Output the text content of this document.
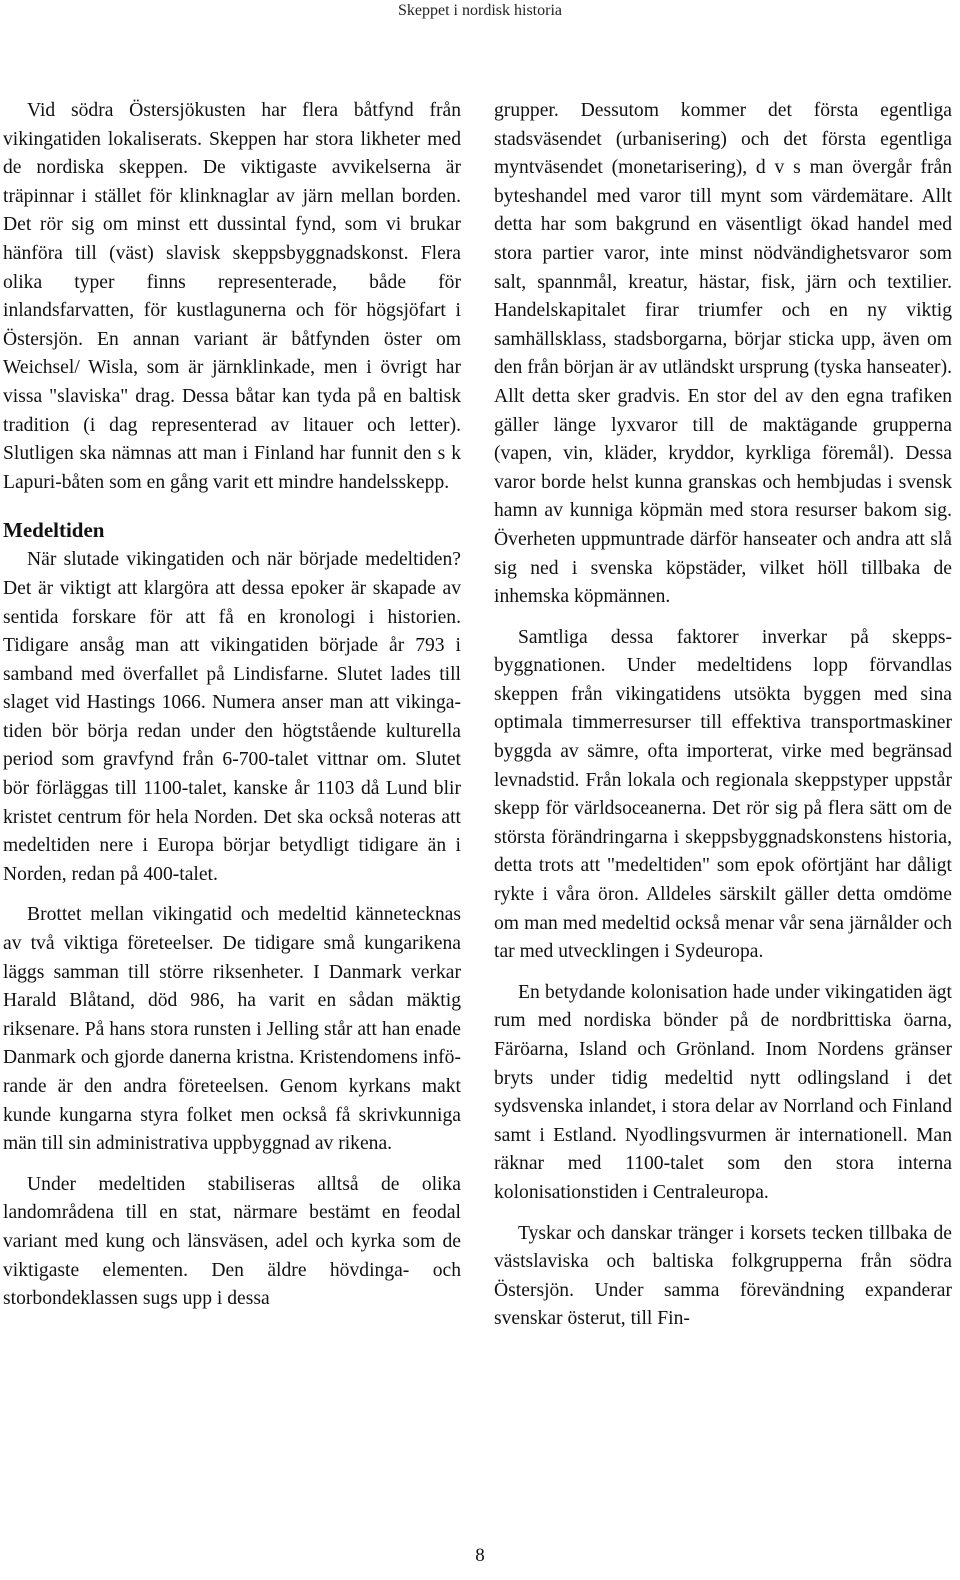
Skeppet i nordisk historia

Vid södra Östersjökusten har flera båtfynd från vikingatiden lokaliserats. Skeppen har stora likheter med de nordiska skeppen. De viktigaste avvikelserna är träpinnar i stället för klinknaglar av järn mellan borden. Det rör sig om minst ett dussintal fynd, som vi brukar hänföra till (väst) slavisk skeppsbyggnadskonst. Flera olika typer finns representerade, både för inlandsfarvatten, för kustlagunerna och för högsjöfart i Östersjön. En annan variant är båtfynden öster om Weichsel/ Wisla, som är järnklinkade, men i övrigt har vissa "slaviska" drag. Dessa båtar kan tyda på en baltisk tradition (i dag representerad av litauer och letter). Slutligen ska nämnas att man i Finland har funnit den s k Lapuri-båten som en gång varit ett mindre handelsskepp.

Medeltiden

När slutade vikingatiden och när började medeltiden? Det är viktigt att klargöra att dessa epoker är skapade av sentida forskare för att få en kronologi i historien. Tidigare ansåg man att vikingatiden började år 793 i samband med överfallet på Lindisfarne. Slutet lades till slaget vid Hastings 1066. Numera anser man att vikingatiden bör börja redan under den högtstående kulturella period som gravfynd från 6-700-talet vittnar om. Slutet bör förläggas till 1100-talet, kanske år 1103 då Lund blir kristet centrum för hela Norden. Det ska också noteras att medeltiden nere i Europa börjar betydligt tidigare än i Norden, redan på 400-talet.

Brottet mellan vikingatid och medeltid kännetecknas av två viktiga företeelser. De tidigare små kungarikena läggs samman till större riksenheter. I Danmark verkar Harald Blåtand, död 986, ha varit en sådan mäktig riksenare. På hans stora runsten i Jelling står att han enade Danmark och gjorde danerna kristna. Kristendomens införande är den andra företeelsen. Genom kyrkans makt kunde kungarna styra folket men också få skrivkunniga män till sin administrativa uppbyggnad av rikena.

Under medeltiden stabiliseras alltså de olika landområdena till en stat, närmare bestämt en feodal variant med kung och länsväsen, adel och kyrka som de viktigaste elementen. Den äldre hövdinga- och storbondeklassen sugs upp i dessa

grupper. Dessutom kommer det första egentliga stadsväsendet (urbanisering) och det första egentliga myntväsendet (monetarisering), d v s man övergår från byteshandel med varor till mynt som värdemätare. Allt detta har som bakgrund en väsentligt ökad handel med stora partier varor, inte minst nödvändighetsvaror som salt, spannmål, kreatur, hästar, fisk, järn och textilier. Handelskapitalet firar triumfer och en ny viktig samhällsklass, stadsborgarna, börjar sticka upp, även om den från början är av utländskt ursprung (tyska hanseater). Allt detta sker gradvis. En stor del av den egna trafiken gäller länge lyxvaror till de maktägande grupperna (vapen, vin, kläder, kryddor, kyrkliga föremål). Dessa varor borde helst kunna granskas och hembjudas i svensk hamn av kunniga köpmän med stora resurser bakom sig. Överheten uppmuntrade därför hanseater och andra att slå sig ned i svenska köpstäder, vilket höll tillbaka de inhemska köpmännen.

Samtliga dessa faktorer inverkar på skeppsbyggnationen. Under medeltidens lopp förvandlas skeppen från vikingatidens utsökta byggen med sina optimala timmerresurser till effektiva transportmaskiner byggda av sämre, ofta importerat, virke med begränsad levnadstid. Från lokala och regionala skeppstyper uppstår skepp för världsoceanerna. Det rör sig på flera sätt om de största förändringarna i skeppsbyggnadskonstens historia, detta trots att "medeltiden" som epok oförtjänt har dåligt rykte i våra öron. Alldeles särskilt gäller detta omdöme om man med medeltid också menar vår sena järnålder och tar med utvecklingen i Sydeuropa.

En betydande kolonisation hade under vikingatiden ägt rum med nordiska bönder på de nordbrittiska öarna, Färöarna, Island och Grönland. Inom Nordens gränser bryts under tidig medeltid nytt odlingsland i det sydsvenska inlandet, i stora delar av Norrland och Finland samt i Estland. Nyodlingsvurmen är internationell. Man räknar med 1100-talet som den stora interna kolonisationstiden i Centraleuropa.

Tyskar och danskar tränger i korsets tecken tillbaka de västslaviska och baltiska folkgrupperna från södra Östersjön. Under samma förevändning expanderar svenskar österut, till Fin-

8
